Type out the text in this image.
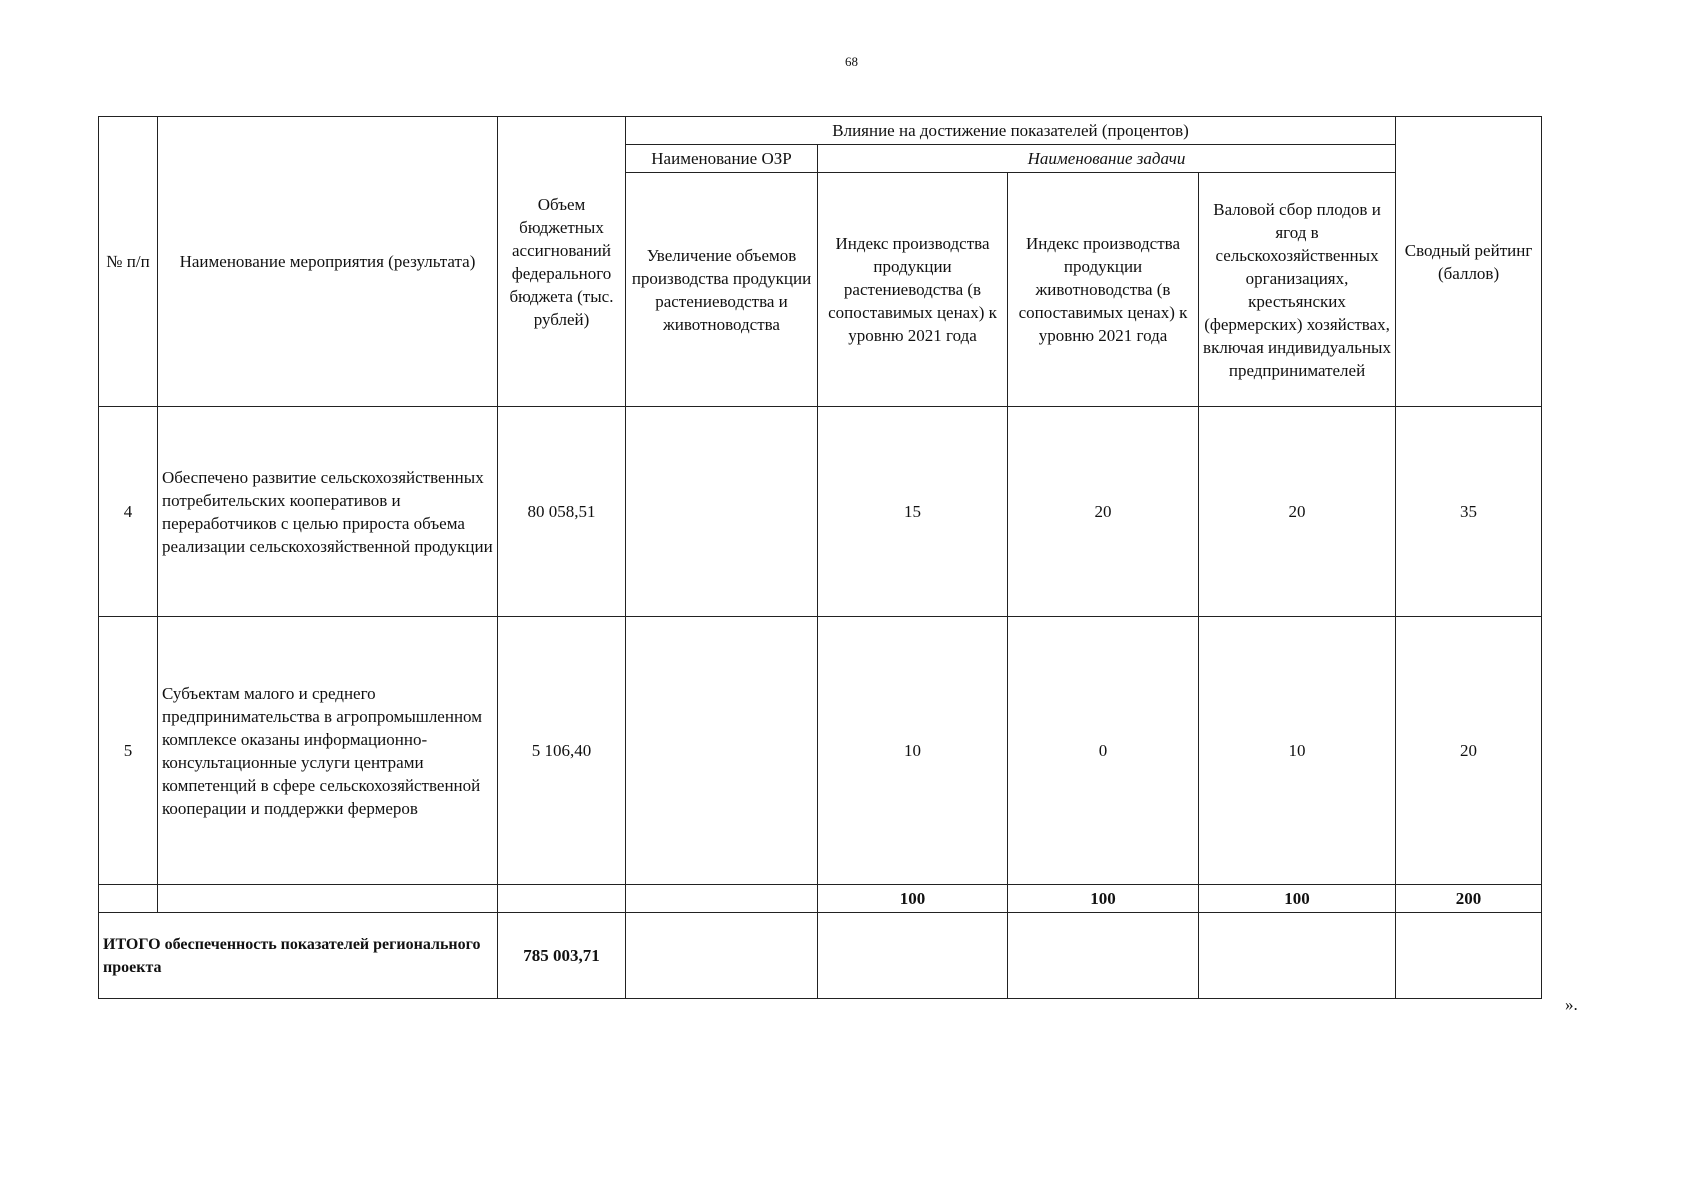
68
№ п/п	Наименование мероприятия (результата)	Объем бюджетных ассигнований федерального бюджета (тыс. рублей)	Влияние на достижение показателей (процентов)				Сводный рейтинг (баллов)
			Наименование ОЗР	Наименование задачи			
			Увеличение объемов производства продукции растениеводства и животноводства	Индекс производства продукции растениеводства (в сопоставимых ценах) к уровню 2021 года	Индекс производства продукции животноводства (в сопоставимых ценах) к уровню 2021 года	Валовой сбор плодов и ягод в сельскохозяйственных организациях, крестьянских (фермерских) хозяйствах, включая индивидуальных предпринимателей	
4	Обеспечено развитие сельскохозяйственных потребительских кооперативов и переработчиков с целью прироста объема реализации сельскохозяйственной продукции	80 058,51		15	20	20	35
5	Субъектам малого и среднего предпринимательства в агропромышленном комплексе оказаны информационно-консультационные услуги центрами компетенций в сфере сельскохозяйственной кооперации и поддержки фермеров	5 106,40		10	0	10	20
				100	100	100	200
ИТОГО обеспеченность показателей регионального проекта		785 003,71					
».
